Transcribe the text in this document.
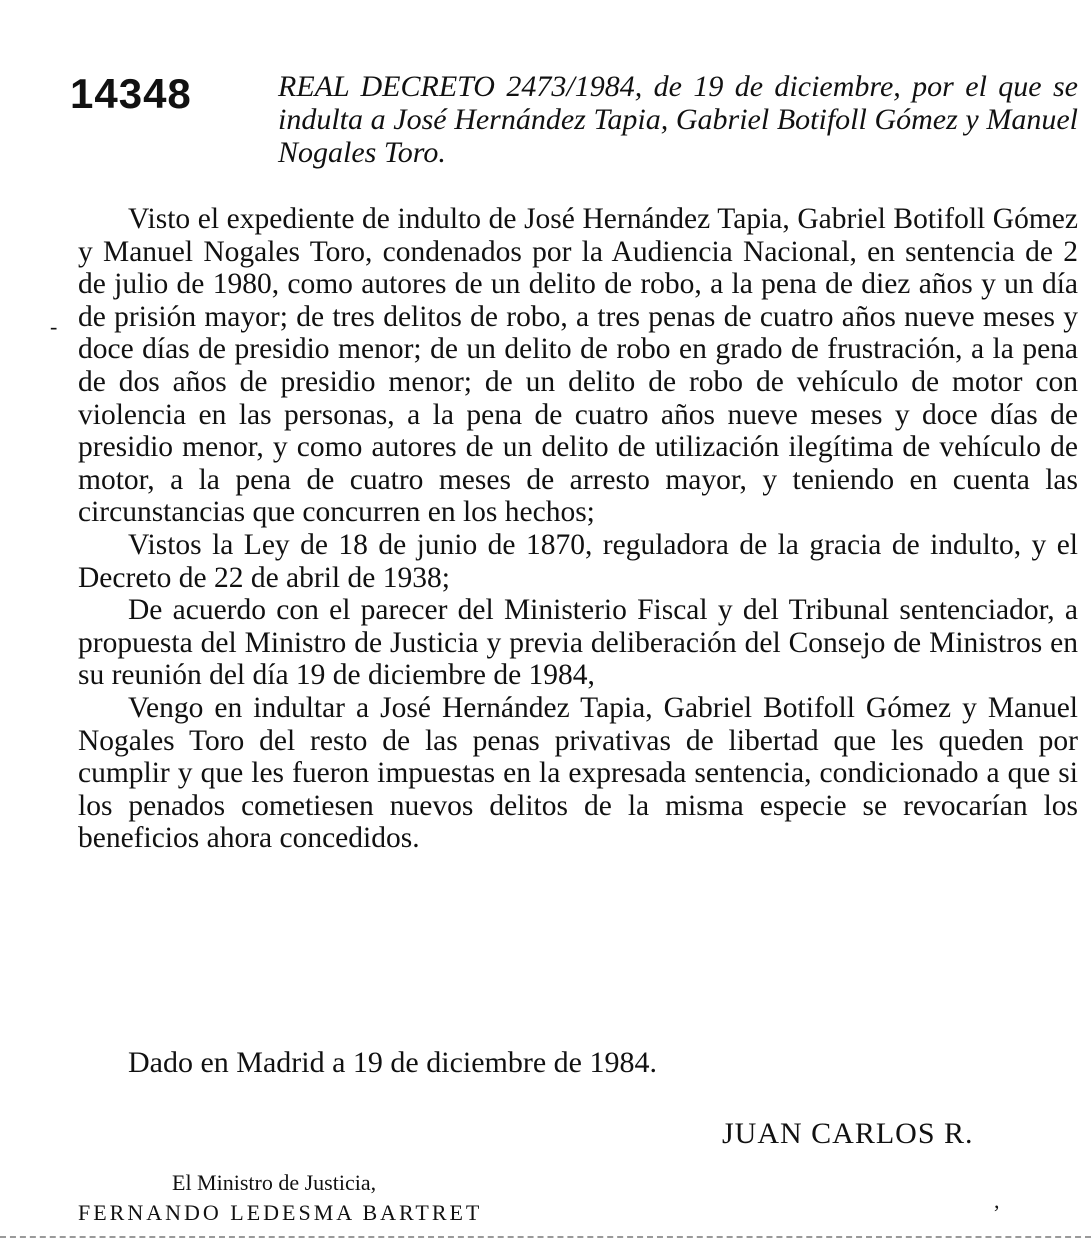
14348	REAL DECRETO 2473/1984, de 19 de diciembre, por el que se indulta a José Hernández Tapia, Gabriel Botifoll Gómez y Manuel Nogales Toro.
-
,

Visto el expediente de indulto de José Hernández Tapia, Gabriel Botifoll Gómez y Manuel Nogales Toro, condenados por la Audiencia Nacional, en sentencia de 2 de julio de 1980, como autores de un delito de robo, a la pena de diez años y un día de prisión mayor; de tres delitos de robo, a tres penas de cuatro años nueve meses y doce días de presidio menor; de un delito de robo en grado de frustración, a la pena de dos años de presidio menor; de un delito de robo de vehículo de motor con violencia en las personas, a la pena de cuatro años nueve meses y doce días de presidio menor, y como autores de un delito de utilización ilegítima de vehículo de motor, a la pena de cuatro meses de arresto mayor, y teniendo en cuenta las circunstancias que concurren en los hechos;

Vistos la Ley de 18 de junio de 1870, reguladora de la gracia de indulto, y el Decreto de 22 de abril de 1938;

De acuerdo con el parecer del Ministerio Fiscal y del Tribunal sentenciador, a propuesta del Ministro de Justicia y previa deliberación del Consejo de Ministros en su reunión del día 19 de diciembre de 1984,

Vengo en indultar a José Hernández Tapia, Gabriel Botifoll Gómez y Manuel Nogales Toro del resto de las penas privativas de libertad que les queden por cumplir y que les fueron impuestas en la expresada sentencia, condicionado a que si los penados cometiesen nuevos delitos de la misma especie se revocarían los beneficios ahora concedidos.

Dado en Madrid a 19 de diciembre de 1984.
JUAN CARLOS R.
El Ministro de Justicia,
FERNANDO LEDESMA BARTRET
